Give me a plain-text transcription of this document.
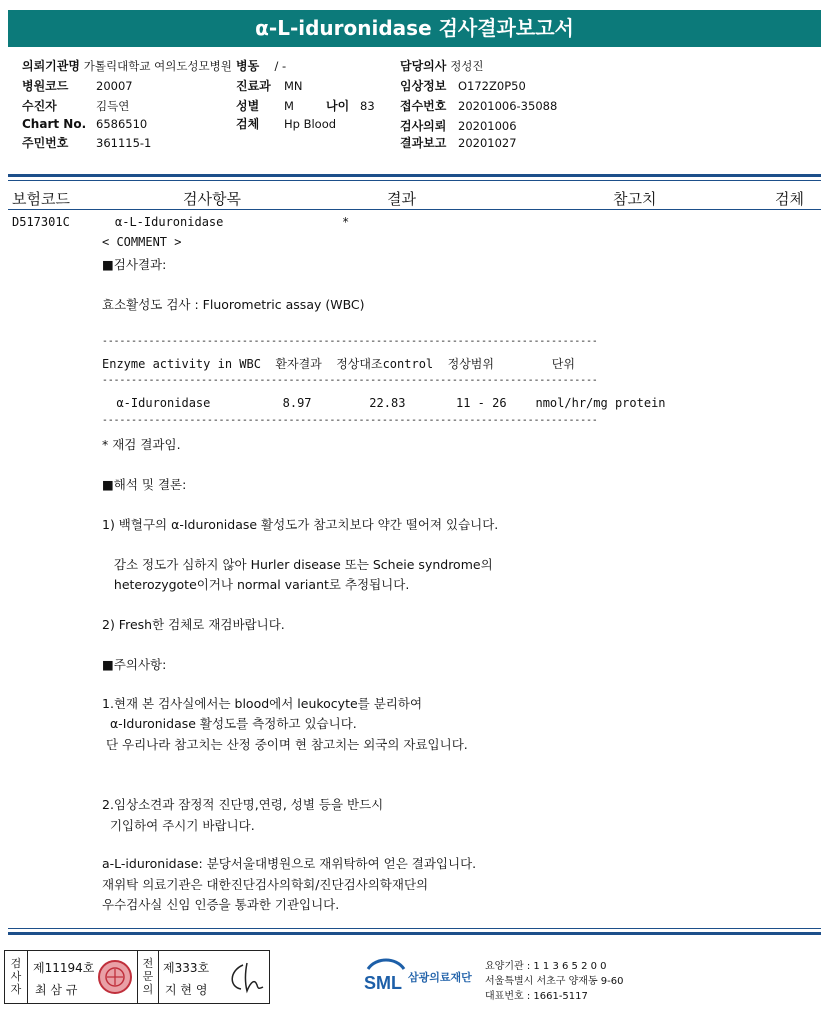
α-L-iduronidase 검사결과보고서
의뢰기관명 가톨릭대학교 여의도성모병원 병동 / -	담당의사 정성진
병원코드 20007	진료과 MN	임상정보 O172Z0P50
수진자	김득연	성별 M	나이 83 접수번호 20201006-35088
Chart No. 6586510	검체 Hp Blood	검사의뢰 20201006
주민번호 361115-1	결과보고 20201027
보험코드	검사항목	결과	참고치	검체
D517301C	α-L-Iduronidase	*
< COMMENT >
■검사결과:
효소활성도 검사 : Fluorometric assay (WBC)
-------------------------------------------------------------------------------------
Enzyme activity in WBC  환자결과  정상대조control  정상범위        단위
-------------------------------------------------------------------------------------
α-Iduronidase          8.97        22.83       11 - 26    nmol/hr/mg protein
-------------------------------------------------------------------------------------
* 재검 결과임.
■해석 및 결론:
1) 백혈구의 α-Iduronidase 활성도가 참고치보다 약간 떨어져 있습니다.
감소 정도가 심하지 않아 Hurler disease 또는 Scheie syndrome의
heterozygote이거나 normal variant로 추정됩니다.
2) Fresh한 검체로 재검바랍니다.
■주의사항:
1.현재 본 검사실에서는 blood에서 leukocyte를 분리하여
α-Iduronidase 활성도를 측정하고 있습니다.
단 우리나라 참고치는 산정 중이며 현 참고치는 외국의 자료입니다.
2.임상소견과 잠정적 진단명,연령, 성별 등을 반드시
기입하여 주시기 바랍니다.
a-L-iduronidase: 분당서울대병원으로 재위탁하여 얻은 결과입니다.
재위탁 의료기관은 대한진단검사의학회/진단검사의학재단의
우수검사실 신임 인증을 통과한 기관입니다.
검사자
제11194호
최 삼 규
전문의
제333호
지 현 영	SML 삼광의료재단
요양기관 : 1 1 3 6 5 2 0 0
서울특별시 서초구 양재동 9-60
대표번호 : 1661-5117
